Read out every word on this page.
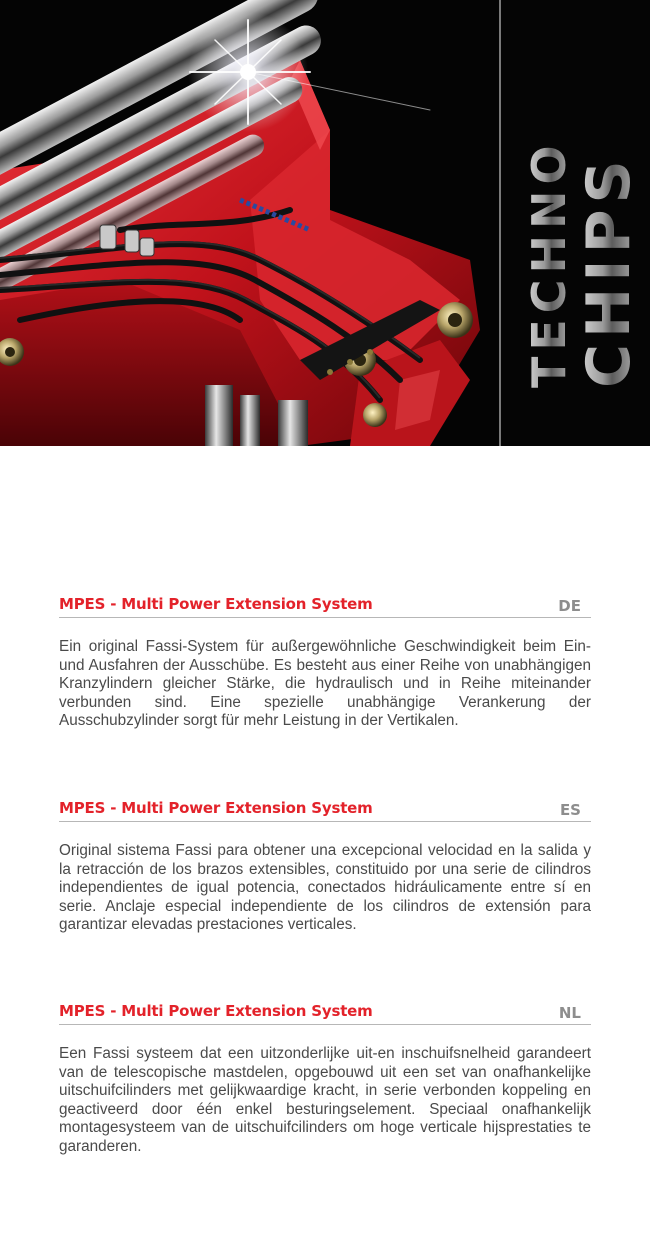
TECHNO
CHIPS
MPES - Multi Power Extension System	DE

Ein original Fassi-System für außergewöhnliche Geschwindigkeit beim Ein- und Ausfahren der Ausschübe. Es besteht aus einer Reihe von unabhängigen Kranzylindern gleicher Stärke, die hydraulisch und in Reihe miteinander verbunden sind. Eine spezielle unabhängige Verankerung der Ausschubzylinder sorgt für mehr Leistung in der Vertikalen.

MPES - Multi Power Extension System	ES

Original sistema Fassi para obtener una excepcional velocidad en la salida y la retracción de los brazos extensibles, constituido por una serie de cilindros independientes de igual potencia, conectados hidráulicamente entre sí en serie. Anclaje especial independiente de los cilindros de extensión para garantizar elevadas prestaciones verticales.

MPES - Multi Power Extension System	NL

Een Fassi systeem dat een uitzonderlijke uit-en inschuifsnelheid garandeert van de telescopische mastdelen, opgebouwd uit een set van onafhankelijke uitschuifcilinders met gelijkwaardige kracht, in serie verbonden koppeling en geactiveerd door één enkel besturingselement. Speciaal onafhankelijk montagesysteem van de uitschuifcilinders om hoge verticale hijsprestaties te garanderen.
